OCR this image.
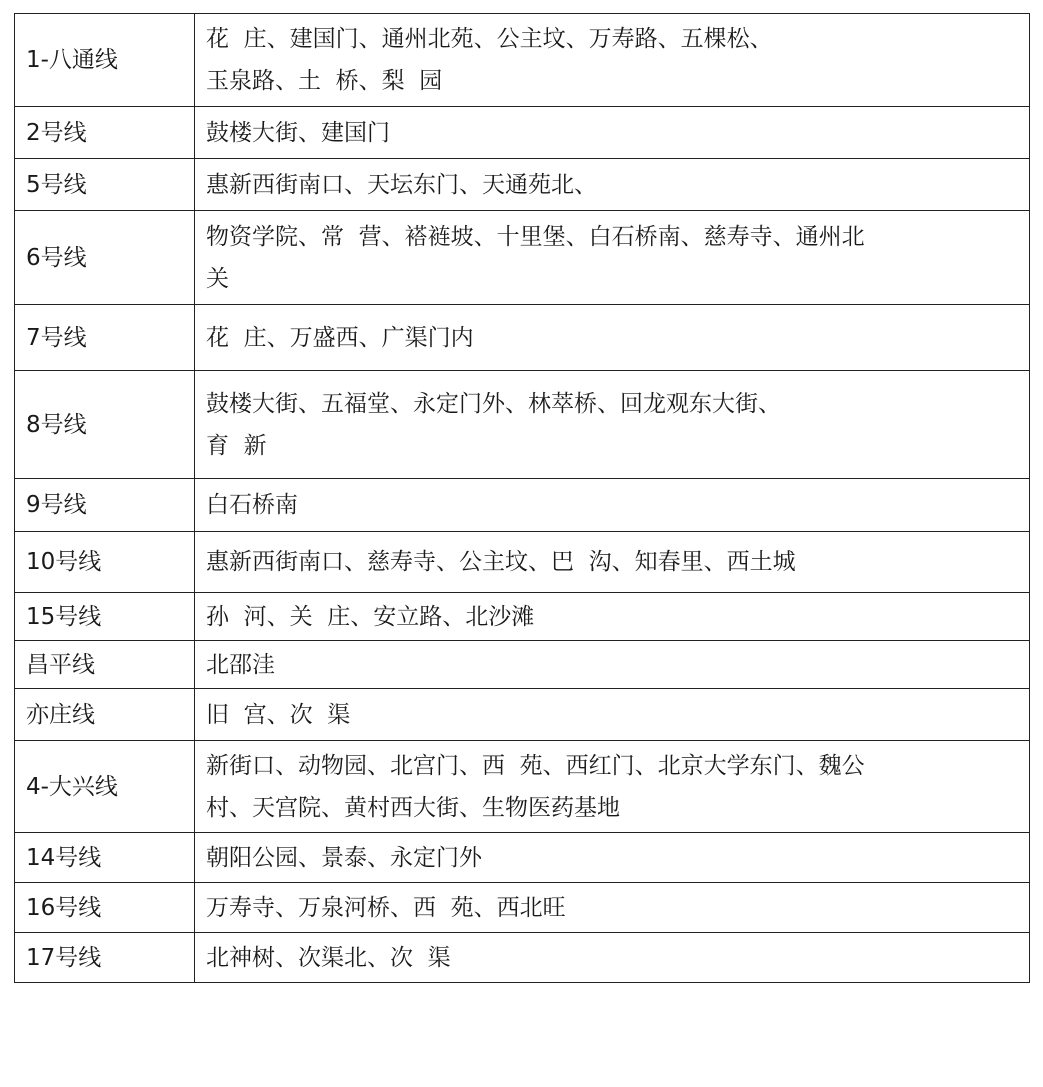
1-八通线	花  庄、建国门、通州北苑、公主坟、万寿路、五棵松、
玉泉路、土  桥、梨  园
2号线	鼓楼大街、建国门
5号线	惠新西街南口、天坛东门、天通苑北、
6号线	物资学院、常  营、褡裢坡、十里堡、白石桥南、慈寿寺、通州北
关
7号线	花  庄、万盛西、广渠门内
8号线	鼓楼大街、五福堂、永定门外、林萃桥、回龙观东大街、
育  新
9号线	白石桥南
10号线	惠新西街南口、慈寿寺、公主坟、巴  沟、知春里、西土城
15号线	孙  河、关  庄、安立路、北沙滩
昌平线	北邵洼
亦庄线	旧  宫、次  渠
4-大兴线	新街口、动物园、北宫门、西  苑、西红门、北京大学东门、魏公
村、天宫院、黄村西大街、生物医药基地
14号线	朝阳公园、景泰、永定门外
16号线	万寿寺、万泉河桥、西  苑、西北旺
17号线	北神树、次渠北、次  渠
